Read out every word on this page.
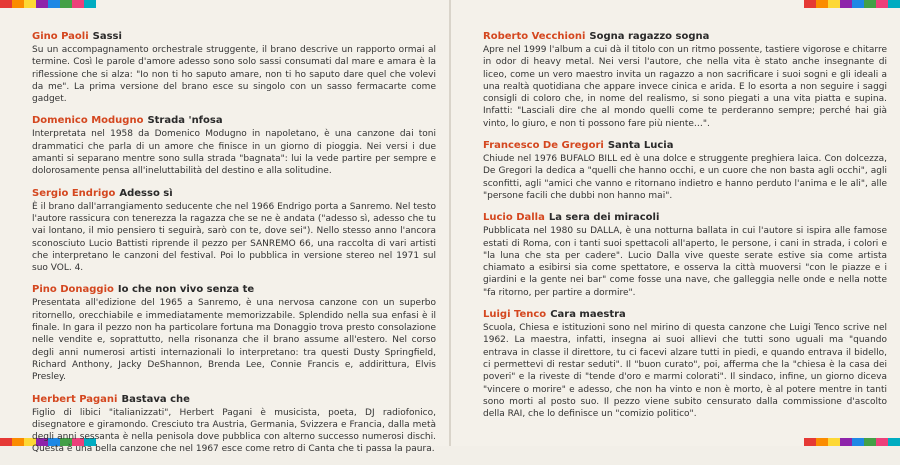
Gino Paoli Sassi
Su un accompagnamento orchestrale struggente, il brano descrive un rapporto ormai al termine. Così le parole d'amore adesso sono solo sassi consumati dal mare e amara è la riflessione che si alza: "Io non ti ho saputo amare, non ti ho saputo dare quel che volevi da me". La prima versione del brano esce su singolo con un sasso fermacarte come gadget.
Domenico Modugno Strada 'nfosa
Interpretata nel 1958 da Domenico Modugno in napoletano, è una canzone dai toni drammatici che parla di un amore che finisce in un giorno di pioggia. Nei versi i due amanti si separano mentre sono sulla strada "bagnata": lui la vede partire per sempre e dolorosamente pensa all'ineluttabilità del destino e alla solitudine.
Sergio Endrigo Adesso sì
È il brano dall'arrangiamento seducente che nel 1966 Endrigo porta a Sanremo. Nel testo l'autore rassicura con tenerezza la ragazza che se ne è andata ("adesso sì, adesso che tu vai lontano, il mio pensiero ti seguirà, sarò con te, dove sei"). Nello stesso anno l'ancora sconosciuto Lucio Battisti riprende il pezzo per SANREMO 66, una raccolta di vari artisti che interpretano le canzoni del festival. Poi lo pubblica in versione stereo nel 1971 sul suo VOL. 4.
Pino Donaggio Io che non vivo senza te
Presentata all'edizione del 1965 a Sanremo, è una nervosa canzone con un superbo ritornello, orecchiabile e immediatamente memorizzabile. Splendido nella sua enfasi è il finale. In gara il pezzo non ha particolare fortuna ma Donaggio trova presto consolazione nelle vendite e, soprattutto, nella risonanza che il brano assume all'estero. Nel corso degli anni numerosi artisti internazionali lo interpretano: tra questi Dusty Springfield, Richard Anthony, Jacky DeShannon, Brenda Lee, Connie Francis e, addirittura, Elvis Presley.
Herbert Pagani Bastava che
Figlio di libici "italianizzati", Herbert Pagani è musicista, poeta, DJ radiofonico, disegnatore e giramondo. Cresciuto tra Austria, Germania, Svizzera e Francia, dalla metà degli anni sessanta è nella penisola dove pubblica con alterno successo numerosi dischi. Questa è una bella canzone che nel 1967 esce come retro di Canta che ti passa la paura.
Roberto Vecchioni Sogna ragazzo sogna
Apre nel 1999 l'album a cui dà il titolo con un ritmo possente, tastiere vigorose e chitarre in odor di heavy metal. Nei versi l'autore, che nella vita è stato anche insegnante di liceo, come un vero maestro invita un ragazzo a non sacrificare i suoi sogni e gli ideali a una realtà quotidiana che appare invece cinica e arida. E lo esorta a non seguire i saggi consigli di coloro che, in nome del realismo, si sono piegati a una vita piatta e supina. Infatti: "Lasciali dire che al mondo quelli come te perderanno sempre; perché hai già vinto, lo giuro, e non ti possono fare più niente…".
Francesco De Gregori Santa Lucia
Chiude nel 1976 BUFALO BILL ed è una dolce e struggente preghiera laica. Con dolcezza, De Gregori la dedica a "quelli che hanno occhi, e un cuore che non basta agli occhi", agli sconfitti, agli "amici che vanno e ritornano indietro e hanno perduto l'anima e le ali", alle "persone facili che dubbi non hanno mai".
Lucio Dalla La sera dei miracoli
Pubblicata nel 1980 su DALLA, è una notturna ballata in cui l'autore si ispira alle famose estati di Roma, con i tanti suoi spettacoli all'aperto, le persone, i cani in strada, i colori e "la luna che sta per cadere". Lucio Dalla vive queste serate estive sia come artista chiamato a esibirsi sia come spettatore, e osserva la città muoversi "con le piazze e i giardini e la gente nei bar" come fosse una nave, che galleggia nelle onde e nella notte "fa ritorno, per partire a dormire".
Luigi Tenco Cara maestra
Scuola, Chiesa e istituzioni sono nel mirino di questa canzone che Luigi Tenco scrive nel 1962. La maestra, infatti, insegna ai suoi allievi che tutti sono uguali ma "quando entrava in classe il direttore, tu ci facevi alzare tutti in piedi, e quando entrava il bidello, ci permettevi di restar seduti". Il "buon curato", poi, afferma che la "chiesa è la casa dei poveri" e la riveste di "tende d'oro e marmi colorati". Il sindaco, infine, un giorno diceva "vincere o morire" e adesso, che non ha vinto e non è morto, è al potere mentre in tanti sono morti al posto suo. Il pezzo viene subito censurato dalla commissione d'ascolto della RAI, che lo definisce un "comizio politico".
